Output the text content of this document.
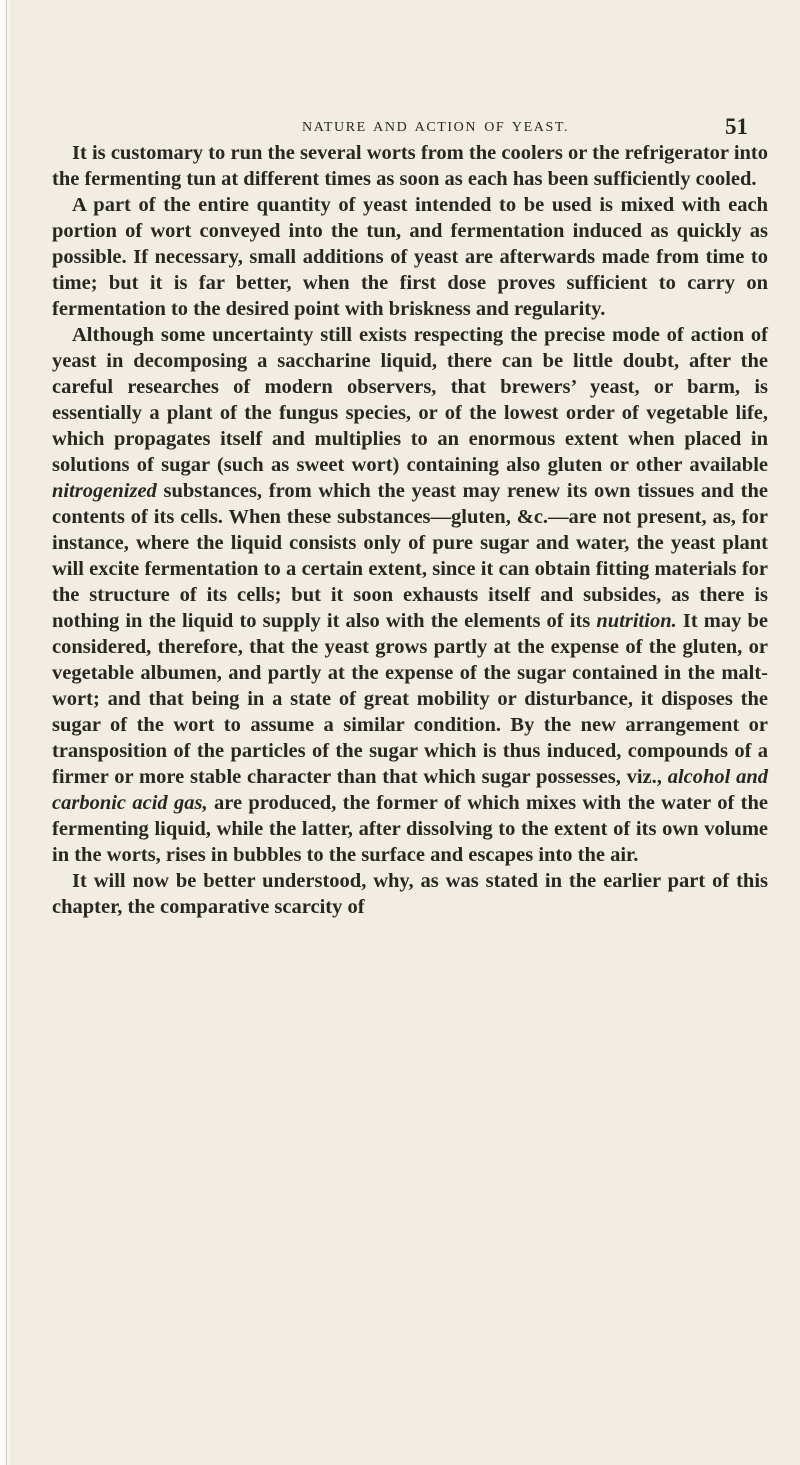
NATURE AND ACTION OF YEAST.	51

It is customary to run the several worts from the coolers or the refrigerator into the fermenting tun at different times as soon as each has been sufficiently cooled.

A part of the entire quantity of yeast intended to be used is mixed with each portion of wort conveyed into the tun, and fermentation induced as quickly as possible. If necessary, small additions of yeast are afterwards made from time to time; but it is far better, when the first dose proves sufficient to carry on fermentation to the desired point with briskness and regularity.

Although some uncertainty still exists respecting the precise mode of action of yeast in decomposing a saccharine liquid, there can be little doubt, after the careful researches of modern observers, that brewers’ yeast, or barm, is essentially a plant of the fungus species, or of the lowest order of vegetable life, which propagates itself and multiplies to an enormous extent when placed in solutions of sugar (such as sweet wort) containing also gluten or other available nitrogenized substances, from which the yeast may renew its own tissues and the contents of its cells. When these substances—gluten, &c.—are not present, as, for instance, where the liquid consists only of pure sugar and water, the yeast plant will excite fermentation to a certain extent, since it can obtain fitting materials for the structure of its cells; but it soon exhausts itself and subsides, as there is nothing in the liquid to supply it also with the elements of its nutrition. It may be considered, therefore, that the yeast grows partly at the expense of the gluten, or vegetable albumen, and partly at the expense of the sugar contained in the malt-wort; and that being in a state of great mobility or disturbance, it disposes the sugar of the wort to assume a similar condition. By the new arrangement or transposition of the particles of the sugar which is thus induced, compounds of a firmer or more stable character than that which sugar possesses, viz., alcohol and carbonic acid gas, are produced, the former of which mixes with the water of the fermenting liquid, while the latter, after dissolving to the extent of its own volume in the worts, rises in bubbles to the surface and escapes into the air.

It will now be better understood, why, as was stated in the earlier part of this chapter, the comparative scarcity of
